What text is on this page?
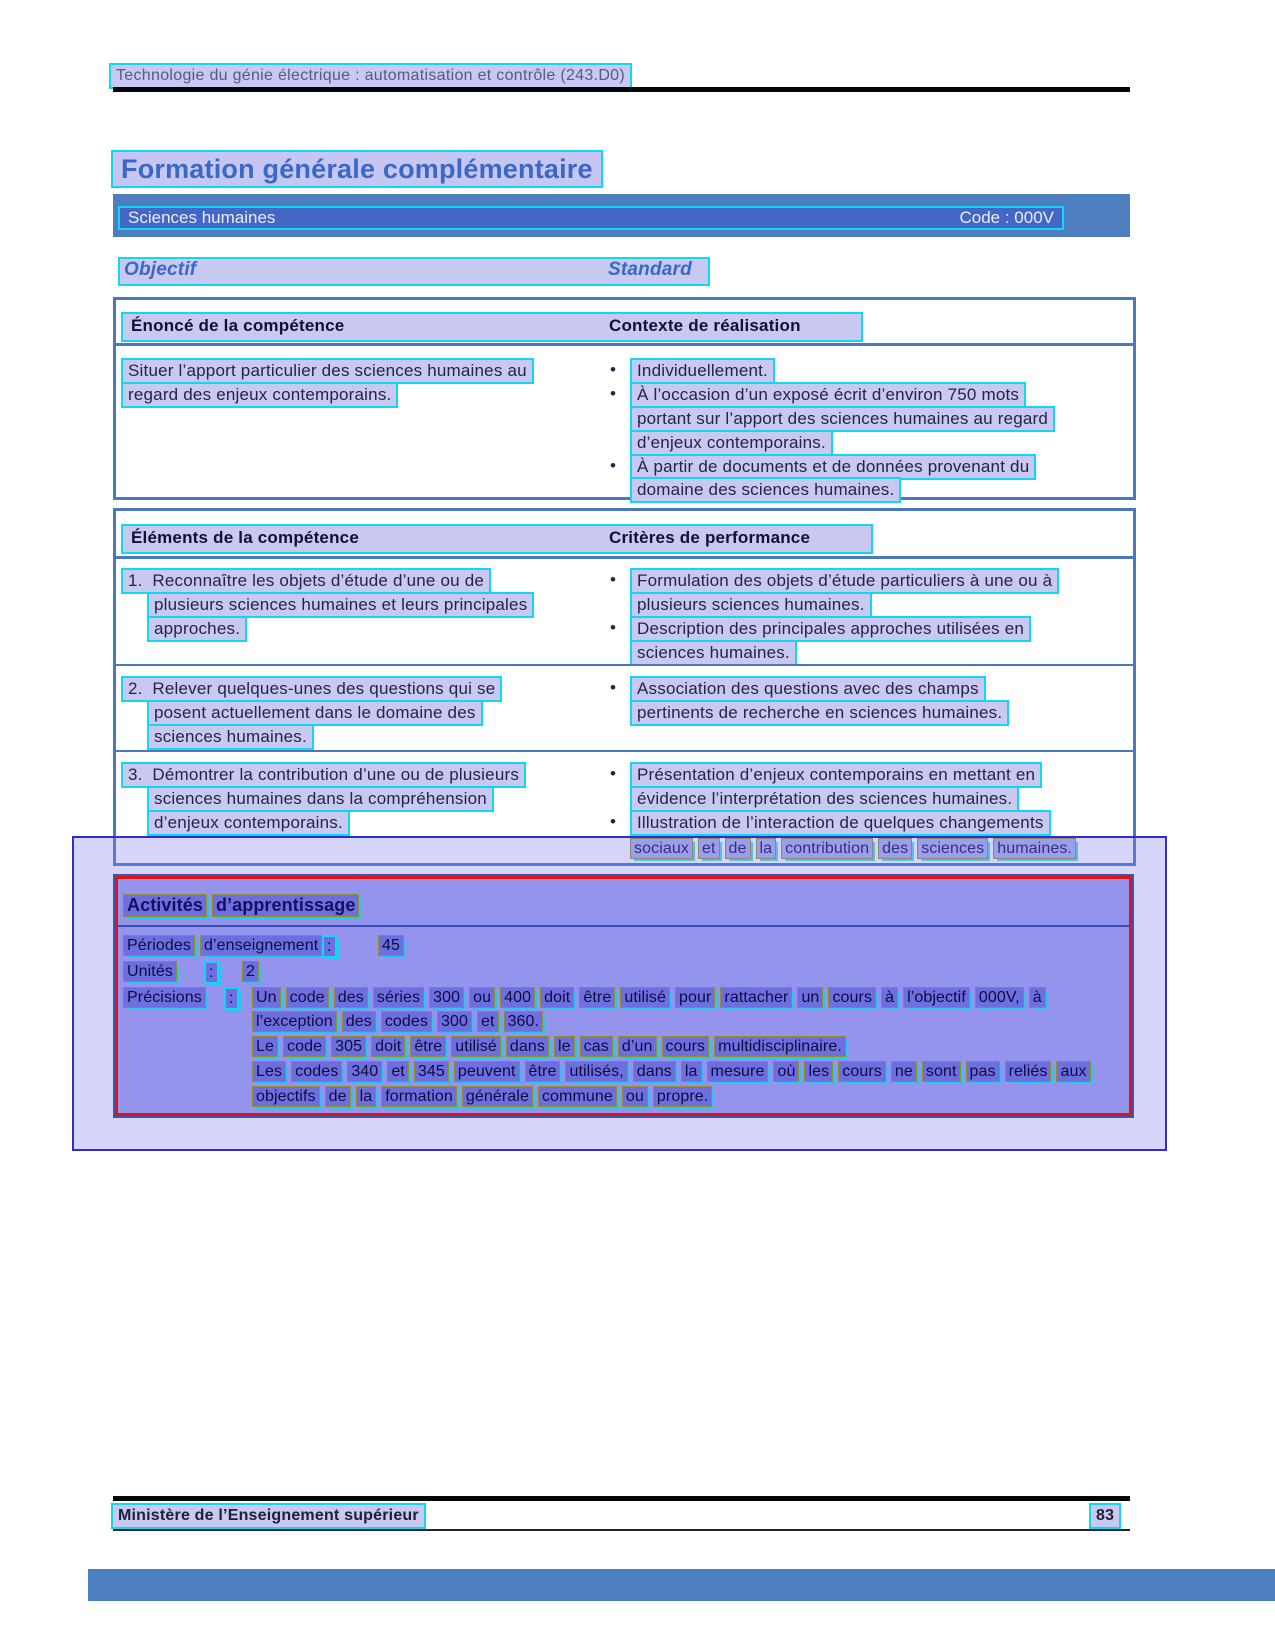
Technologie du génie électrique : automatisation et contrôle (243.D0)
Formation générale complémentaire
Sciences humaines	Code : 000V
Objectif	Standard
Énoncé de la compétence	Contexte de réalisation
Situer l’apport particulier des sciences humaines au
regard des enjeux contemporains.
•	Individuellement.
•	À l’occasion d’un exposé écrit d’environ 750 mots
portant sur l’apport des sciences humaines au regard
d’enjeux contemporains.
•	À partir de documents et de données provenant du
domaine des sciences humaines.
Éléments de la compétence	Critères de performance
1.  Reconnaître les objets d’étude d’une ou de
plusieurs sciences humaines et leurs principales
approches.
•	Formulation des objets d’étude particuliers à une ou à
plusieurs sciences humaines.
•	Description des principales approches utilisées en
sciences humaines.
2.  Relever quelques-unes des questions qui se
posent actuellement dans le domaine des
sciences humaines.
•	Association des questions avec des champs
pertinents de recherche en sciences humaines.
3.  Démontrer la contribution d’une ou de plusieurs
sciences humaines dans la compréhension
d’enjeux contemporains.
•	Présentation d’enjeux contemporains en mettant en
évidence l’interprétation des sciences humaines.
•	Illustration de l’interaction de quelques changements
sociaux et de la contribution des sciences humaines.
Activités d’apprentissage
Périodes d’enseignement :	45
Unités	:	2
Précisions	:	Un code des séries 300 ou 400 doit être utilisé pour rattacher un cours à l’objectif 000V, à
l’exception des codes 300 et 360.
Le code 305 doit être utilisé dans le cas d’un cours multidisciplinaire.
Les codes 340 et 345 peuvent être utilisés, dans la mesure où les cours ne sont pas reliés aux
objectifs de la formation générale commune ou propre.
Ministère de l’Enseignement supérieur	83
